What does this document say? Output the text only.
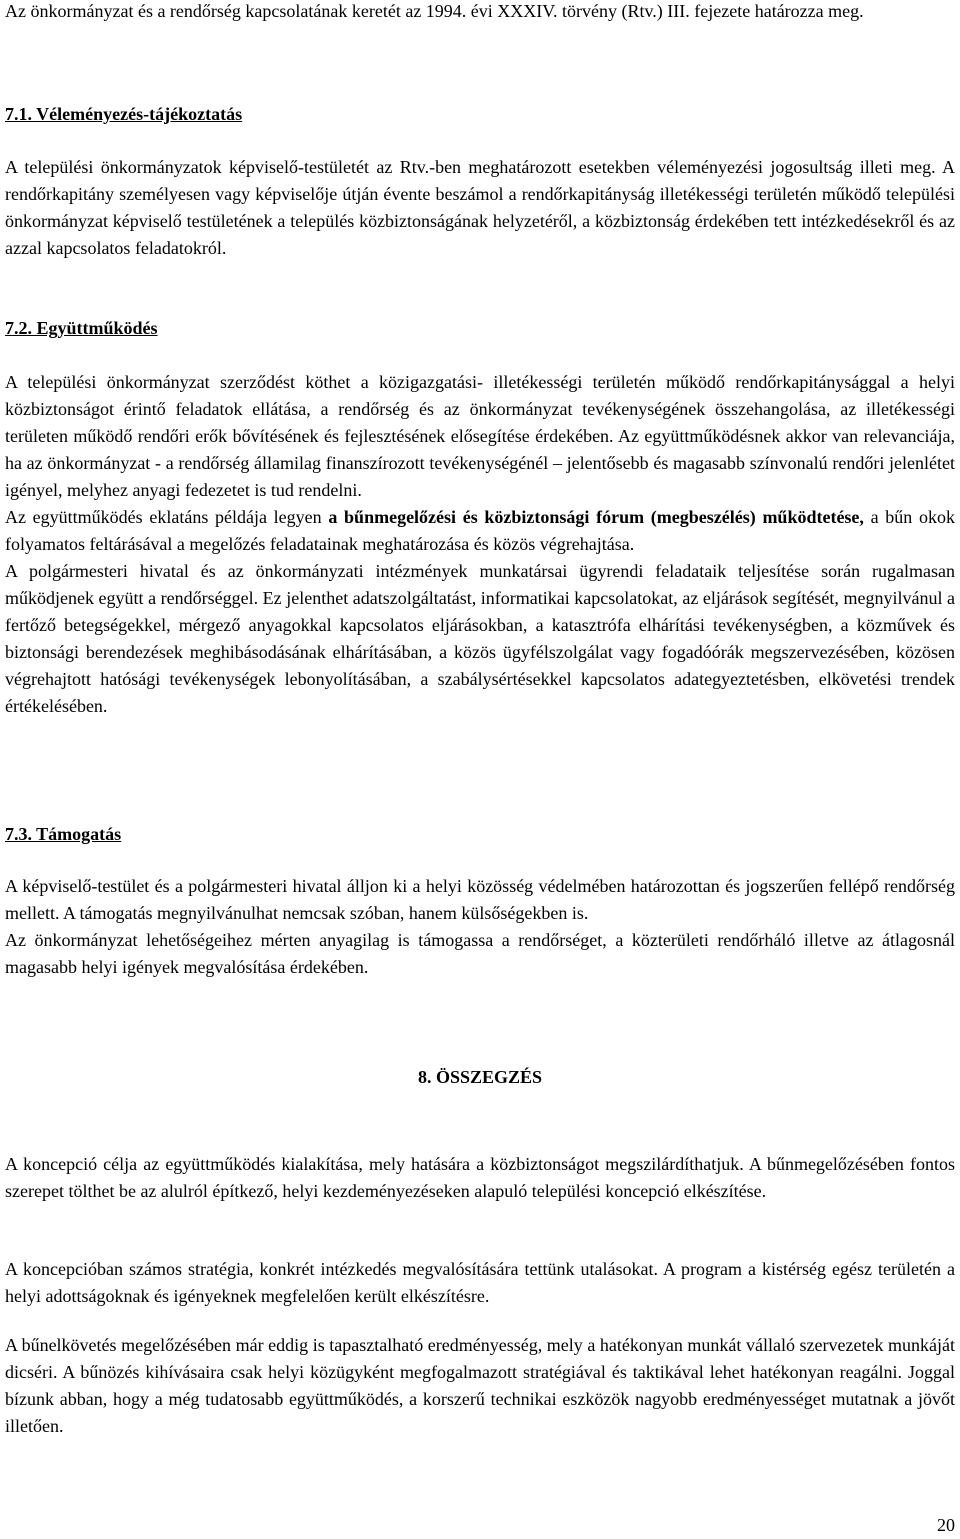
Az önkormányzat és a rendőrség kapcsolatának keretét az 1994. évi XXXIV. törvény (Rtv.) III. fejezete határozza meg.

7.1. Véleményezés-tájékoztatás

A települési önkormányzatok képviselő-testületét az Rtv.-ben meghatározott esetekben véleményezési jogosultság illeti meg. A rendőrkapitány személyesen vagy képviselője útján évente beszámol a rendőrkapitányság illetékességi területén működő települési önkormányzat képviselő testületének a település közbiztonságának helyzetéről, a közbiztonság érdekében tett intézkedésekről és az azzal kapcsolatos feladatokról.

7.2. Együttműködés

A települési önkormányzat szerződést köthet a közigazgatási- illetékességi területén működő rendőrkapitánysággal a helyi közbiztonságot érintő feladatok ellátása, a rendőrség és az önkormányzat tevékenységének összehangolása, az illetékességi területen működő rendőri erők bővítésének és fejlesztésének elősegítése érdekében. Az együttműködésnek akkor van relevanciája, ha az önkormányzat - a rendőrség államilag finanszírozott tevékenységénél – jelentősebb és magasabb színvonalú rendőri jelenlétet igényel, melyhez anyagi fedezetet is tud rendelni.

Az együttműködés eklatáns példája legyen a bűnmegelőzési és közbiztonsági fórum (megbeszélés) működtetése, a bűn okok folyamatos feltárásával a megelőzés feladatainak meghatározása és közös végrehajtása.

A polgármesteri hivatal és az önkormányzati intézmények munkatársai ügyrendi feladataik teljesítése során rugalmasan működjenek együtt a rendőrséggel. Ez jelenthet adatszolgáltatást, informatikai kapcsolatokat, az eljárások segítését, megnyilvánul a fertőző betegségekkel, mérgező anyagokkal kapcsolatos eljárásokban, a katasztrófa elhárítási tevékenységben, a közművek és biztonsági berendezések meghibásodásának elhárításában, a közös ügyfélszolgálat vagy fogadóórák megszervezésében, közösen végrehajtott hatósági tevékenységek lebonyolításában, a szabálysértésekkel kapcsolatos adategyeztetésben, elkövetési trendek értékelésében.

7.3. Támogatás

A képviselő-testület és a polgármesteri hivatal álljon ki a helyi közösség védelmében határozottan és jogszerűen fellépő rendőrség mellett. A támogatás megnyilvánulhat nemcsak szóban, hanem külsőségekben is.

Az önkormányzat lehetőségeihez mérten anyagilag is támogassa a rendőrséget, a közterületi rendőrháló illetve az átlagosnál magasabb helyi igények megvalósítása érdekében.

8. ÖSSZEGZÉS

A koncepció célja az együttműködés kialakítása, mely hatására a közbiztonságot megszilárdíthatjuk. A bűnmegelőzésében fontos szerepet tölthet be az alulról építkező, helyi kezdeményezéseken alapuló települési koncepció elkészítése.

A koncepcióban számos stratégia, konkrét intézkedés megvalósítására tettünk utalásokat. A program a kistérség egész területén a helyi adottságoknak és igényeknek megfelelően került elkészítésre.

A bűnelkövetés megelőzésében már eddig is tapasztalható eredményesség, mely a hatékonyan munkát vállaló szervezetek munkáját dicséri. A bűnözés kihívásaira csak helyi közügyként megfogalmazott stratégiával és taktikával lehet hatékonyan reagálni. Joggal bízunk abban, hogy a még tudatosabb együttműködés, a korszerű technikai eszközök nagyobb eredményességet mutatnak a jövőt illetően.

20
